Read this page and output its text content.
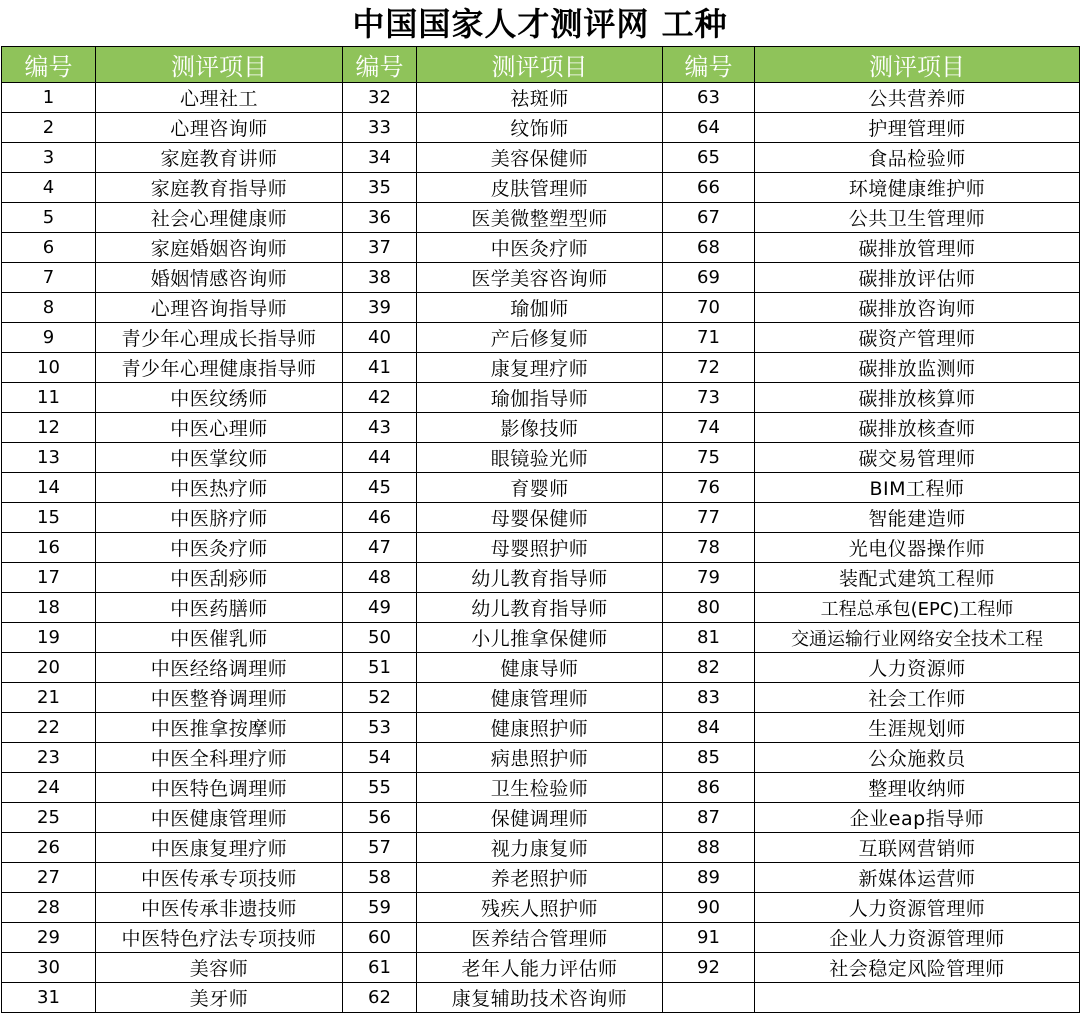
中国国家人才测评网 工种
编号	测评项目	编号	测评项目	编号	测评项目
1	心理社工	32	祛斑师	63	公共营养师
2	心理咨询师	33	纹饰师	64	护理管理师
3	家庭教育讲师	34	美容保健师	65	食品检验师
4	家庭教育指导师	35	皮肤管理师	66	环境健康维护师
5	社会心理健康师	36	医美微整塑型师	67	公共卫生管理师
6	家庭婚姻咨询师	37	中医灸疗师	68	碳排放管理师
7	婚姻情感咨询师	38	医学美容咨询师	69	碳排放评估师
8	心理咨询指导师	39	瑜伽师	70	碳排放咨询师
9	青少年心理成长指导师	40	产后修复师	71	碳资产管理师
10	青少年心理健康指导师	41	康复理疗师	72	碳排放监测师
11	中医纹绣师	42	瑜伽指导师	73	碳排放核算师
12	中医心理师	43	影像技师	74	碳排放核查师
13	中医掌纹师	44	眼镜验光师	75	碳交易管理师
14	中医热疗师	45	育婴师	76	BIM工程师
15	中医脐疗师	46	母婴保健师	77	智能建造师
16	中医灸疗师	47	母婴照护师	78	光电仪器操作师
17	中医刮痧师	48	幼儿教育指导师	79	装配式建筑工程师
18	中医药膳师	49	幼儿教育指导师	80	工程总承包(EPC)工程师
19	中医催乳师	50	小儿推拿保健师	81	交通运输行业网络安全技术工程
20	中医经络调理师	51	健康导师	82	人力资源师
21	中医整脊调理师	52	健康管理师	83	社会工作师
22	中医推拿按摩师	53	健康照护师	84	生涯规划师
23	中医全科理疗师	54	病患照护师	85	公众施救员
24	中医特色调理师	55	卫生检验师	86	整理收纳师
25	中医健康管理师	56	保健调理师	87	企业eap指导师
26	中医康复理疗师	57	视力康复师	88	互联网营销师
27	中医传承专项技师	58	养老照护师	89	新媒体运营师
28	中医传承非遗技师	59	残疾人照护师	90	人力资源管理师
29	中医特色疗法专项技师	60	医养结合管理师	91	企业人力资源管理师
30	美容师	61	老年人能力评估师	92	社会稳定风险管理师
31	美牙师	62	康复辅助技术咨询师		
